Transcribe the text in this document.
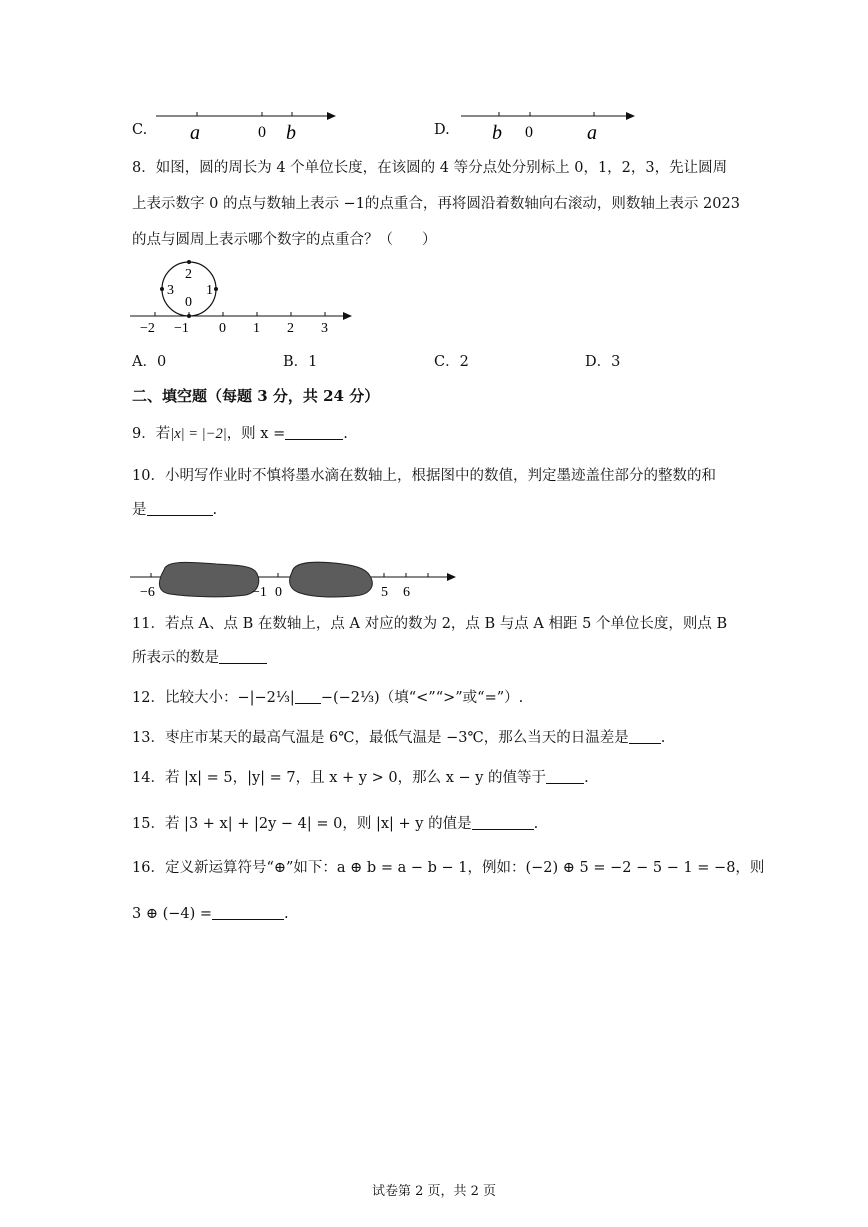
C. a	0 b	D. b 0	a
8．如图，圆的周长为 4 个单位长度，在该圆的 4 等分点处分别标上 0，1，2，3，先让圆周
上表示数字 0 的点与数轴上表示 −1的点重合，再将圆沿着数轴向右滚动，则数轴上表示 2023
的点与圆周上表示哪个数字的点重合？（　　）
2
3 1
0
−2 −1 0 1 2 3
A．0	B．1	C．2	D．3
二、填空题（每题 3 分，共 24 分）
9．若|x| = |−2|，则 x =	.
10．小明写作业时不慎将墨水滴在数轴上，根据图中的数值，判定墨迹盖住部分的整数的和
是	.
−6	−1 0	5 6
11．若点 A、点 B 在数轴上，点 A 对应的数为 2，点 B 与点 A 相距 5 个单位长度，则点 B
所表示的数是
12．比较大小：−|−2⅓| −(−2⅓)（填“<”“>”或“=”）.
13．枣庄市某天的最高气温是 6℃，最低气温是 −3℃，那么当天的日温差是 .
14．若 |x| = 5，|y| = 7，且 x + y > 0，那么 x − y 的值等于	.
15．若 |3 + x| + |2y − 4| = 0，则 |x| + y 的值是	.
16．定义新运算符号“⊕”如下：a ⊕ b = a − b − 1，例如：(−2) ⊕ 5 = −2 − 5 − 1 = −8，则
3 ⊕ (−4) =	.
试卷第 2 页，共 2 页
